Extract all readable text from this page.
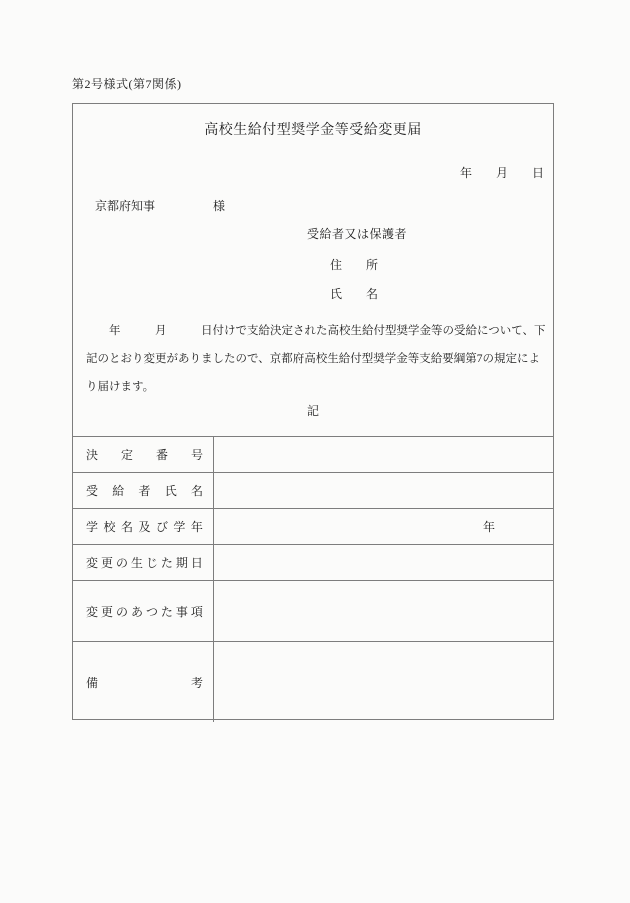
第2号様式(第7関係)
高校生給付型奨学金等受給変更届
年　　月　　日
京都府知事	様
受給者又は保護者
住　　所
氏　　名
　　年　　　月　　　日付けで支給決定された高校生給付型奨学金等の受給について、下
記のとおり変更がありましたので、京都府高校生給付型奨学金等支給要綱第7の規定によ
り届けます。
記
決 定 番 号
受 給 者 氏 名
学 校 名 及 び 学 年	年
変 更 の 生 じ た 期 日
変 更 の あ つ た 事 項
備	考
